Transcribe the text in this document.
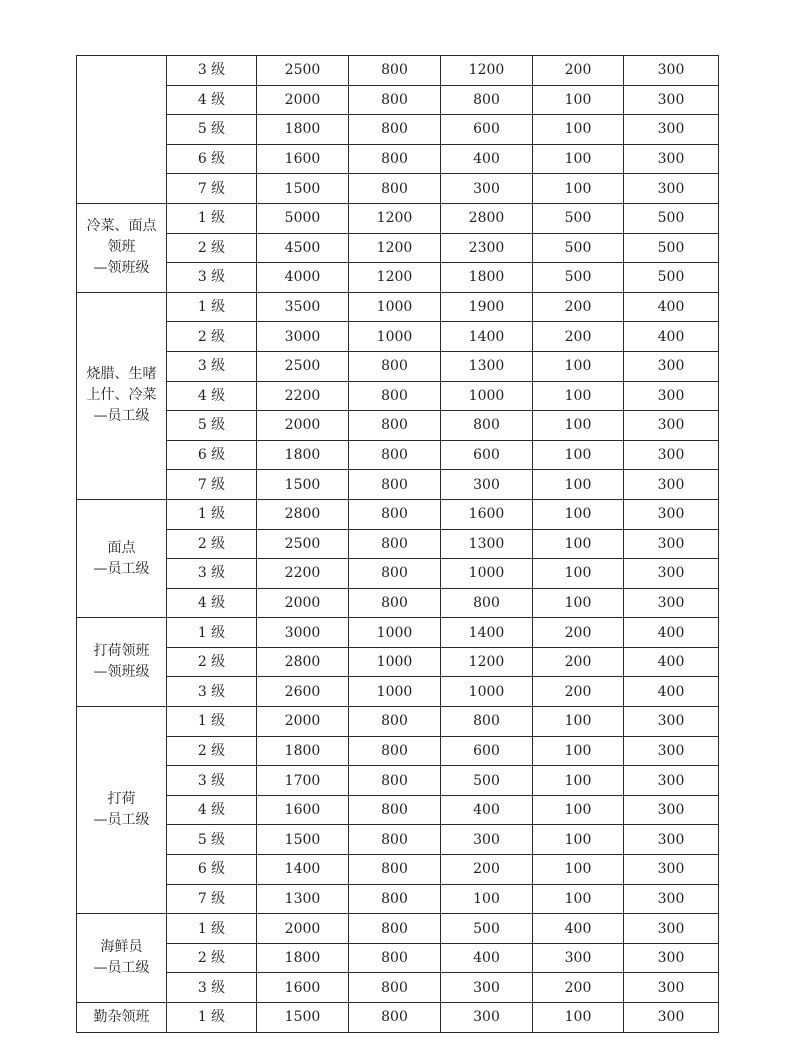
	3 级	2500	800	1200	200	300
	4 级	2000	800	800	100	300
	5 级	1800	800	600	100	300
	6 级	1600	800	400	100	300
	7 级	1500	800	300	100	300

冷菜、面点
领班
—领班级	1 级	5000	1200	2800	500	500
	2 级	4500	1200	2300	500	500
	3 级	4000	1200	1800	500	500

烧腊、生啫
上什、冷菜
—员工级	1 级	3500	1000	1900	200	400
	2 级	3000	1000	1400	200	400
	3 级	2500	800	1300	100	300
	4 级	2200	800	1000	100	300
	5 级	2000	800	800	100	300
	6 级	1800	800	600	100	300
	7 级	1500	800	300	100	300

面点
—员工级	1 级	2800	800	1600	100	300
	2 级	2500	800	1300	100	300
	3 级	2200	800	1000	100	300
	4 级	2000	800	800	100	300

打荷领班
—领班级	1 级	3000	1000	1400	200	400
	2 级	2800	1000	1200	200	400
	3 级	2600	1000	1000	200	400

打荷
—员工级	1 级	2000	800	800	100	300
	2 级	1800	800	600	100	300
	3 级	1700	800	500	100	300
	4 级	1600	800	400	100	300
	5 级	1500	800	300	100	300
	6 级	1400	800	200	100	300
	7 级	1300	800	100	100	300

海鲜员
—员工级	1 级	2000	800	500	400	300
	2 级	1800	800	400	300	300
	3 级	1600	800	300	200	300

勤杂领班	1 级	1500	800	300	100	300
